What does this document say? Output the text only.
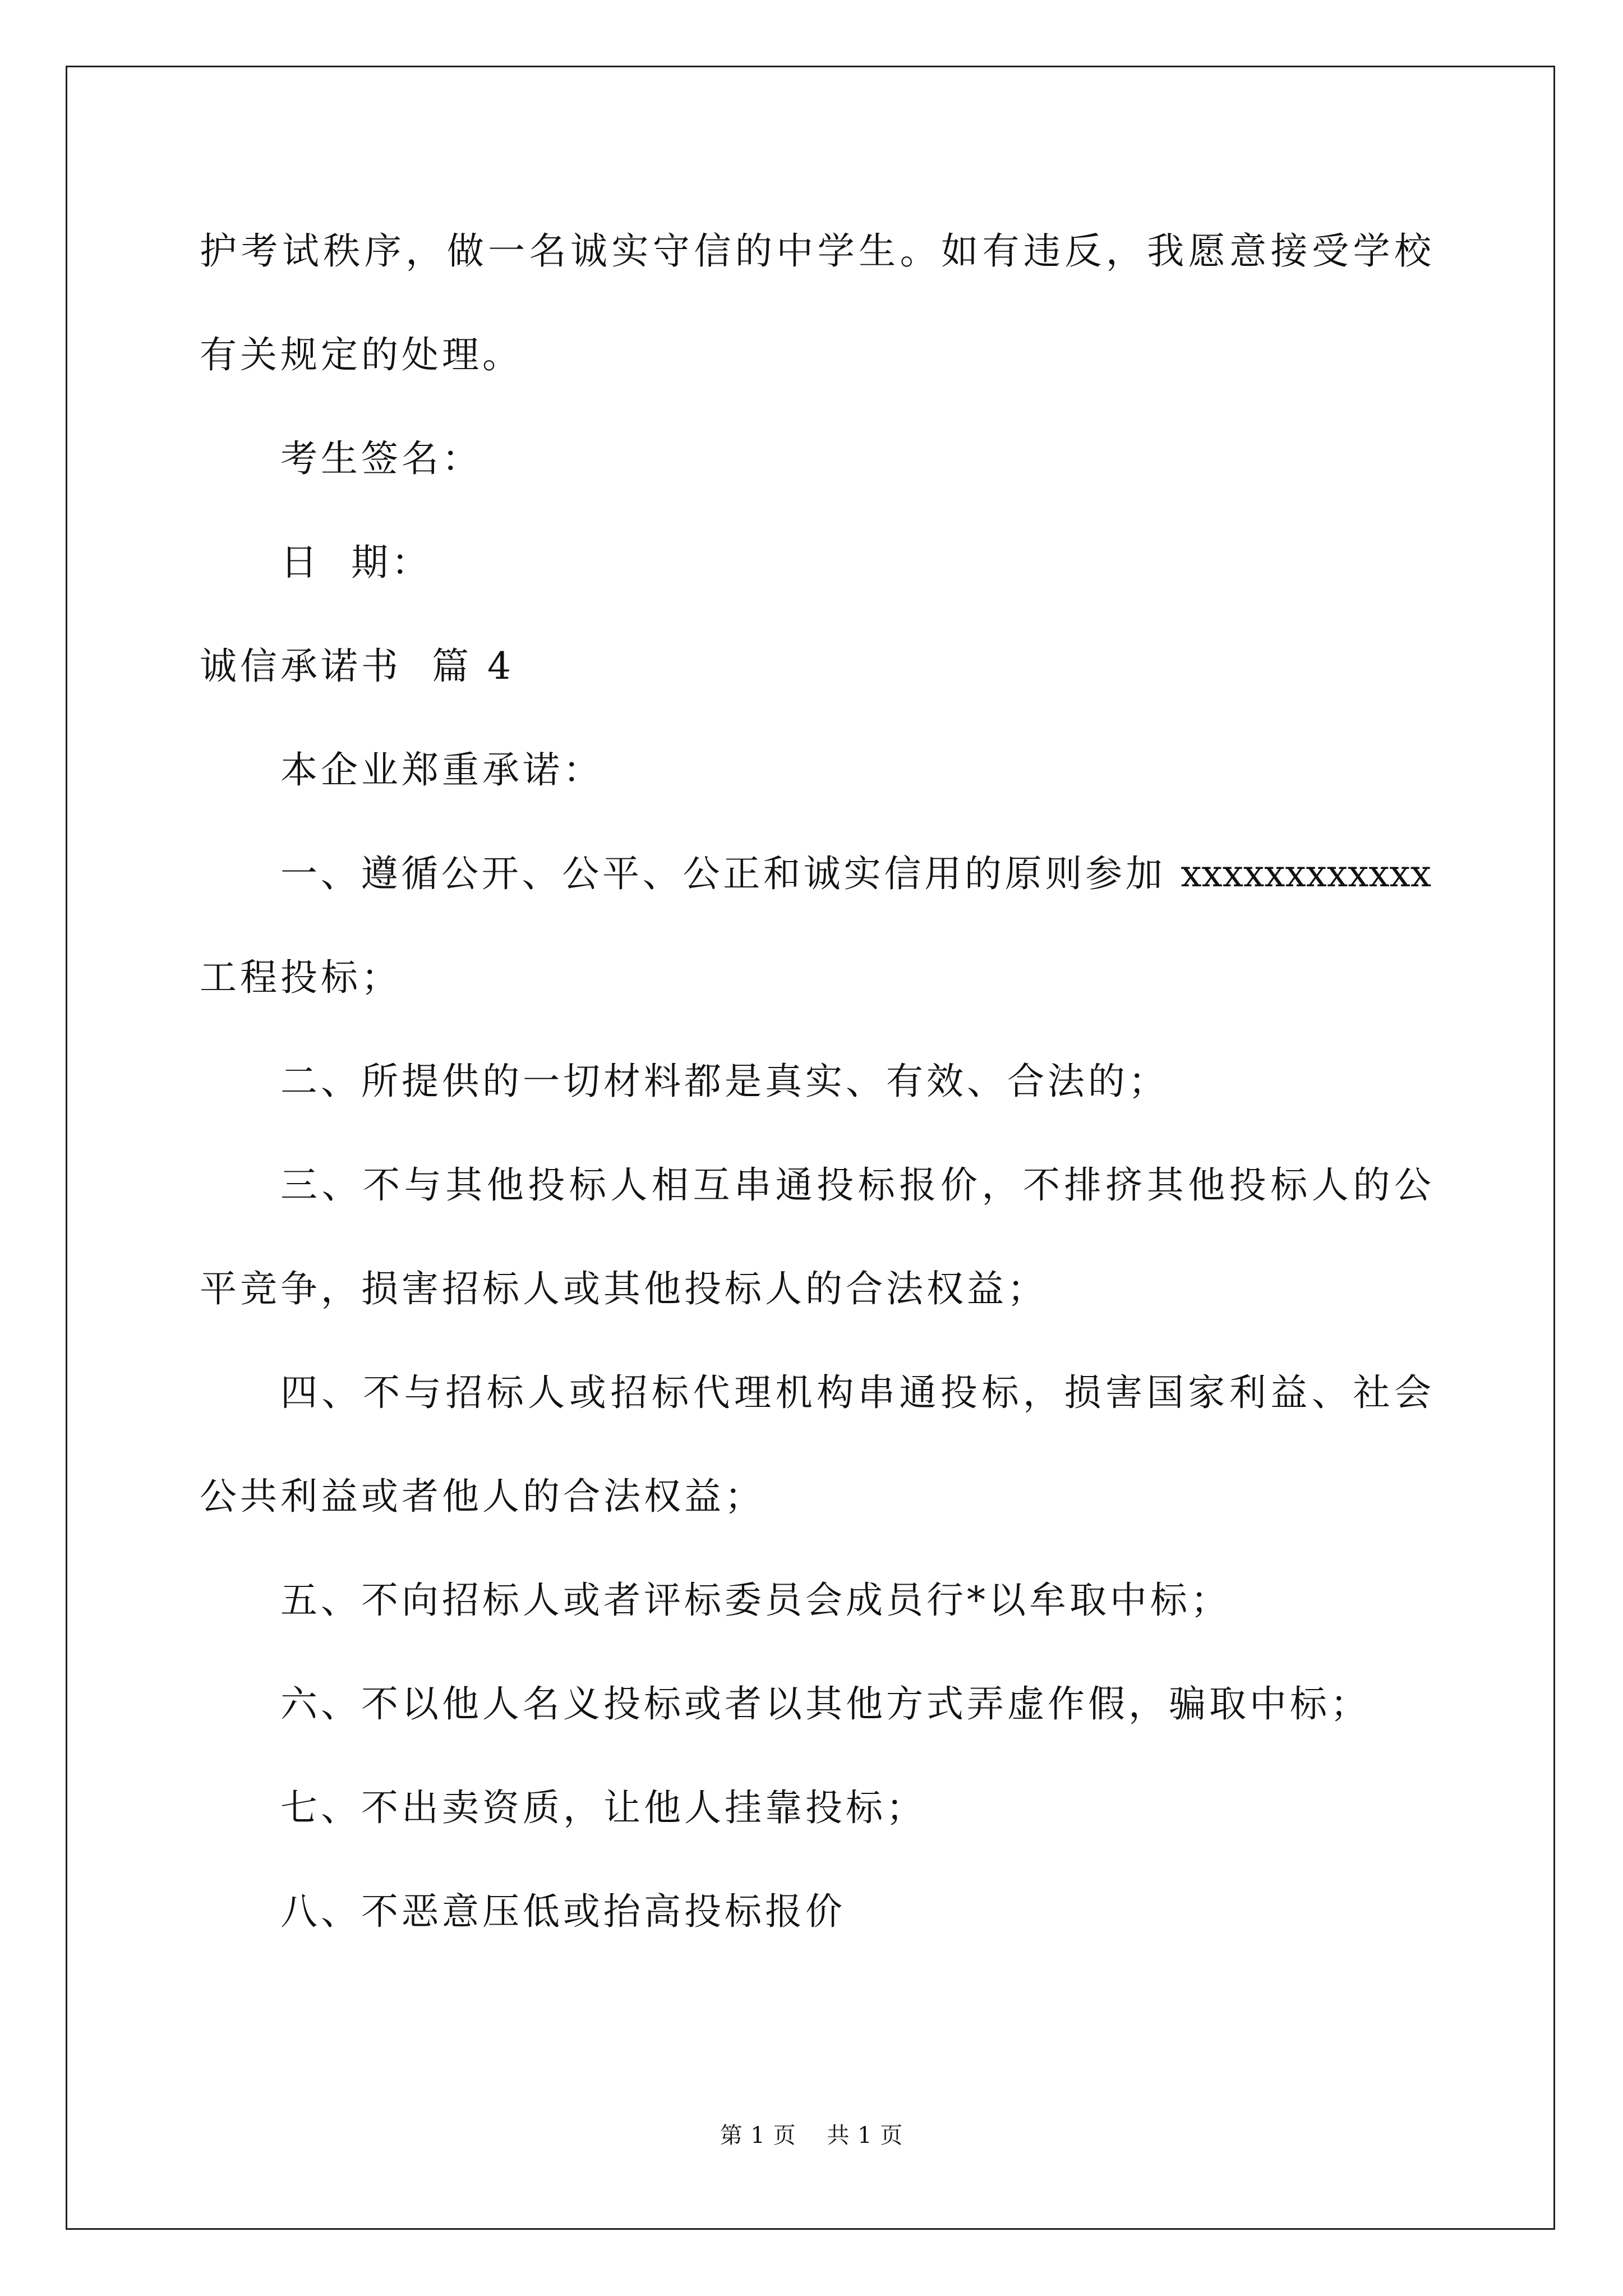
护考试秩序，做一名诚实守信的中学生。如有违反，我愿意接受学校
有关规定的处理。
考生签名：
日  期：
诚信承诺书  篇 4
本企业郑重承诺：
一、遵循公开、公平、公正和诚实信用的原则参加 xxxxxxxxxxxx
工程投标；
二、所提供的一切材料都是真实、有效、合法的；
三、不与其他投标人相互串通投标报价，不排挤其他投标人的公
平竞争，损害招标人或其他投标人的合法权益；
四、不与招标人或招标代理机构串通投标，损害国家利益、社会
公共利益或者他人的合法权益；
五、不向招标人或者评标委员会成员行*以牟取中标；
六、不以他人名义投标或者以其他方式弄虚作假，骗取中标；
七、不出卖资质，让他人挂靠投标；
八、不恶意压低或抬高投标报价
第 1 页    共 1 页
